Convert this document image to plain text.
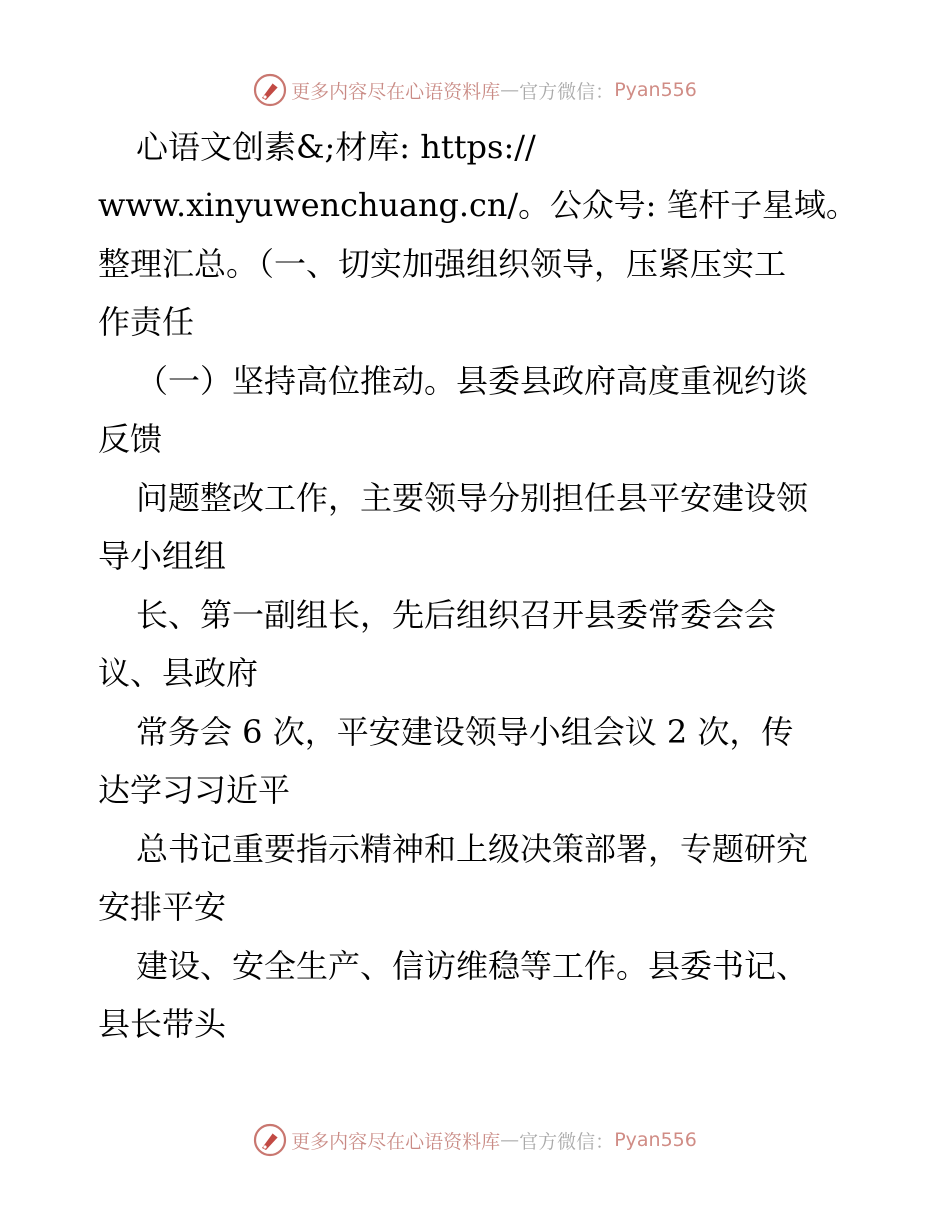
更多内容尽在心语资料库 — 官方微信： Pyan556
心语文创素&;材库: https://
www.xinyuwenchuang.cn/。公众号: 笔杆子星域。
整理汇总。（一、切实加强组织领导，压紧压实工
作责任
（一）坚持高位推动。县委县政府高度重视约谈
反馈
问题整改工作，主要领导分别担任县平安建设领
导小组组
长、第一副组长，先后组织召开县委常委会会
议、县政府
常务会 6 次，平安建设领导小组会议 2 次，传
达学习习近平
总书记重要指示精神和上级决策部署，专题研究
安排平安
建设、安全生产、信访维稳等工作。县委书记、
县长带头
更多内容尽在心语资料库 — 官方微信： Pyan556
